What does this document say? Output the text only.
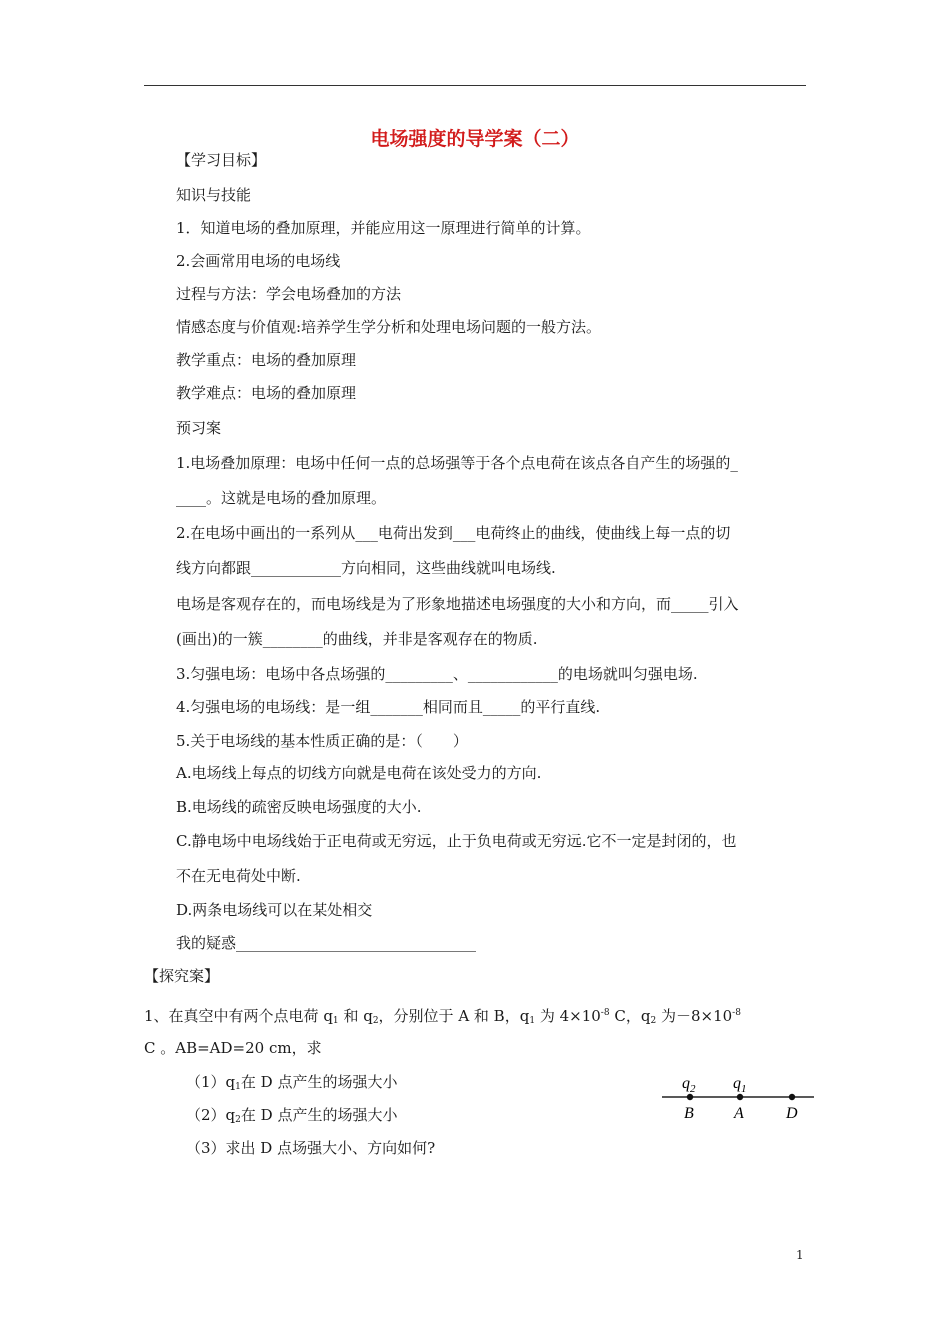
电场强度的导学案（二）
【学习目标】
知识与技能
1．知道电场的叠加原理，并能应用这一原理进行简单的计算。
2.会画常用电场的电场线
过程与方法：学会电场叠加的方法
情感态度与价值观:培养学生学分析和处理电场问题的一般方法。
教学重点：电场的叠加原理
教学难点：电场的叠加原理
预习案
1.电场叠加原理：电场中任何一点的总场强等于各个点电荷在该点各自产生的场强的_
____。这就是电场的叠加原理。
2.在电场中画出的一系列从___电荷出发到___电荷终止的曲线，使曲线上每一点的切
线方向都跟____________方向相同，这些曲线就叫电场线.
电场是客观存在的，而电场线是为了形象地描述电场强度的大小和方向，而_____引入
(画出)的一簇________的曲线，并非是客观存在的物质.
3.匀强电场：电场中各点场强的_________、____________的电场就叫匀强电场.
4.匀强电场的电场线：是一组_______相同而且_____的平行直线.
5.关于电场线的基本性质正确的是：（　　）
A.电场线上每点的切线方向就是电荷在该处受力的方向.
B.电场线的疏密反映电场强度的大小.
C.静电场中电场线始于正电荷或无穷远，止于负电荷或无穷远.它不一定是封闭的，也
不在无电荷处中断.
D.两条电场线可以在某处相交
我的疑惑________________________________
【探究案】
1、在真空中有两个点电荷 $q_1$ 和 $q_2$，分别位于 A 和 B，$q_1$ 为 $4\times 10^{-8}$ C，$q_2$ 为$-8\times 10^{-8}$
C 。AB=AD=20 cm，求
$(1)q_1$在 D 点产生的场强大小
$(2)q_2$在 D 点产生的场强大小
（3）求出 D 点场强大小、方向如何?
$q_2$ $q_1$
B	A	D
1
